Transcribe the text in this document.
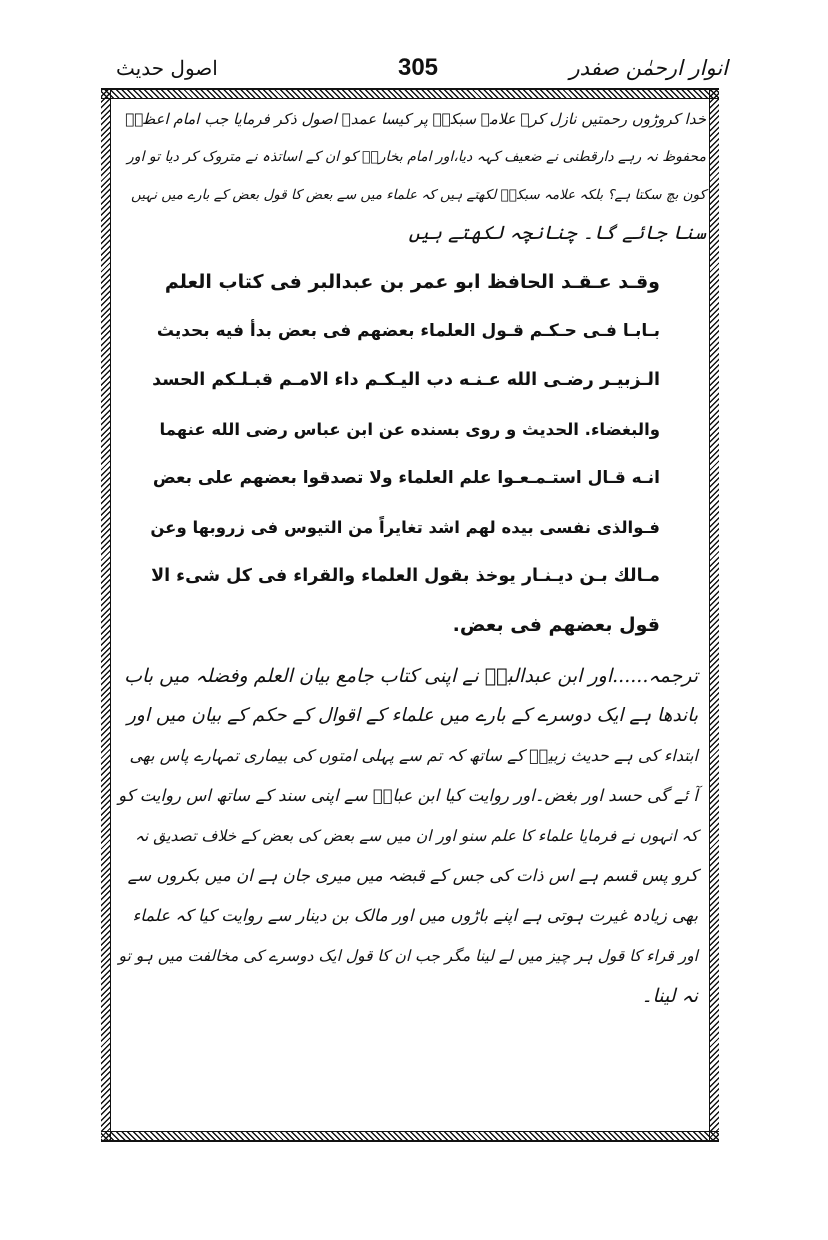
انوار ارحمٰن صفدر
305
اصول حدیث
خدا کروڑوں رحمتیں نازل کرے علامہ سبکیؒ پر کیسا عمدہ اصول ذکر فرمایا جب امام اعظمؒ
محفوظ نہ رہے دارقطنی نے ضعیف کہہ دیا،اور امام بخاریؒ کو ان کے اساتذہ نے متروک کر دیا تو اور
کون بچ سکتا ہے؟ بلکہ علامہ سبکیؒ لکھتے ہیں کہ علماء میں سے بعض کا قول بعض کے بارے میں نہیں
سنا جائے گا۔ چنانچہ لکھتے ہیں
وقـد عـقـد الحافظ ابو عمر بن عبدالبر فى كتاب العلم
بـابـا فـى حـكـم قـول العلماء بعضهم فى بعض بدأ فيه بحديث
الـزبيـر رضـى الله عـنـه دب اليـكـم داء الامـم قبـلـكم الحسد
والبغضاء. الحديث و روى بسنده عن ابن عباس رضى الله عنهما
انـه قـال استـمـعـوا علم العلماء ولا تصدقوا بعضهم على بعض
فـوالذى نفسى بيده لهم اشد تغايراً من التيوس فى زروبها وعن
مـالك بـن ديـنـار يوخذ بقول العلماء والقراء فى كل شىء الا
قول بعضهم فى بعض.
ترجمہ......اور ابن عبدالبرؒ نے اپنی کتاب جامع بیان العلم وفضلہ میں باب
باندھا ہے ایک دوسرے کے بارے میں علماء کے اقوال کے حکم کے بیان میں اور
ابتداء کی ہے حدیث زبیرؓ کے ساتھ کہ تم سے پہلی امتوں کی بیماری تمہارے پاس بھی
آ ئے گی حسد اور بغض۔اور روایت کیا ابن عباسؓ سے اپنی سند کے ساتھ اس روایت کو
کہ انہوں نے فرمایا علماء کا علم سنو اور ان میں سے بعض کی بعض کے خلاف تصدیق نہ
کرو پس قسم ہے اس ذات کی جس کے قبضہ میں میری جان ہے ان میں بکروں سے
بھی زیادہ غیرت ہوتی ہے اپنے باڑوں میں اور مالک بن دینار سے روایت کیا کہ علماء
اور قراء کا قول ہر چیز میں لے لینا مگر جب ان کا قول ایک دوسرے کی مخالفت میں ہو تو
نہ لینا۔
